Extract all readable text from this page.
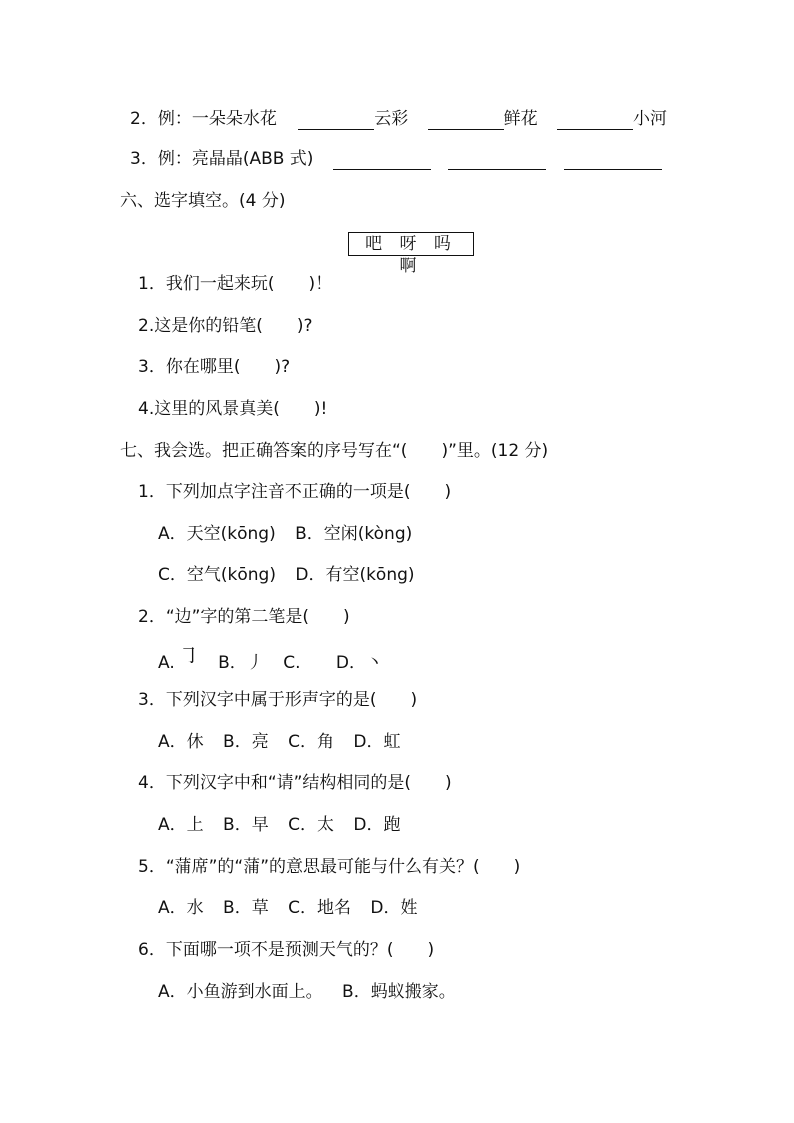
2．例：一朵朵水花	云彩	鲜花	小河
3．例：亮晶晶(ABB 式)
六、选字填空。(4 分)
吧 呀 吗 啊
1．我们一起来玩(　　)！
2.这是你的铅笔(　　)?
3．你在哪里(　　)?
4.这里的风景真美(　　)!
七、我会选。把正确答案的序号写在“(　　)”里。(12 分)
1．下列加点字注音不正确的一项是(　　)
A．天空(kōng) B．空闲(kòng)
C．空气(kōng) D．有空(kōng)
2．“边”字的第二笔是(　　)
A. ㇆ B．丿 C. D．丶
3．下列汉字中属于形声字的是(　　)
A．休 B．亮 C．角 D．虹
4．下列汉字中和“请”结构相同的是(　　)
A．上 B．早 C．太 D．跑
5．“蒲席”的“蒲”的意思最可能与什么有关？(　　)
A．水 B．草 C．地名 D．姓
6．下面哪一项不是预测天气的？(　　)
A．小鱼游到水面上。 B．蚂蚁搬家。
